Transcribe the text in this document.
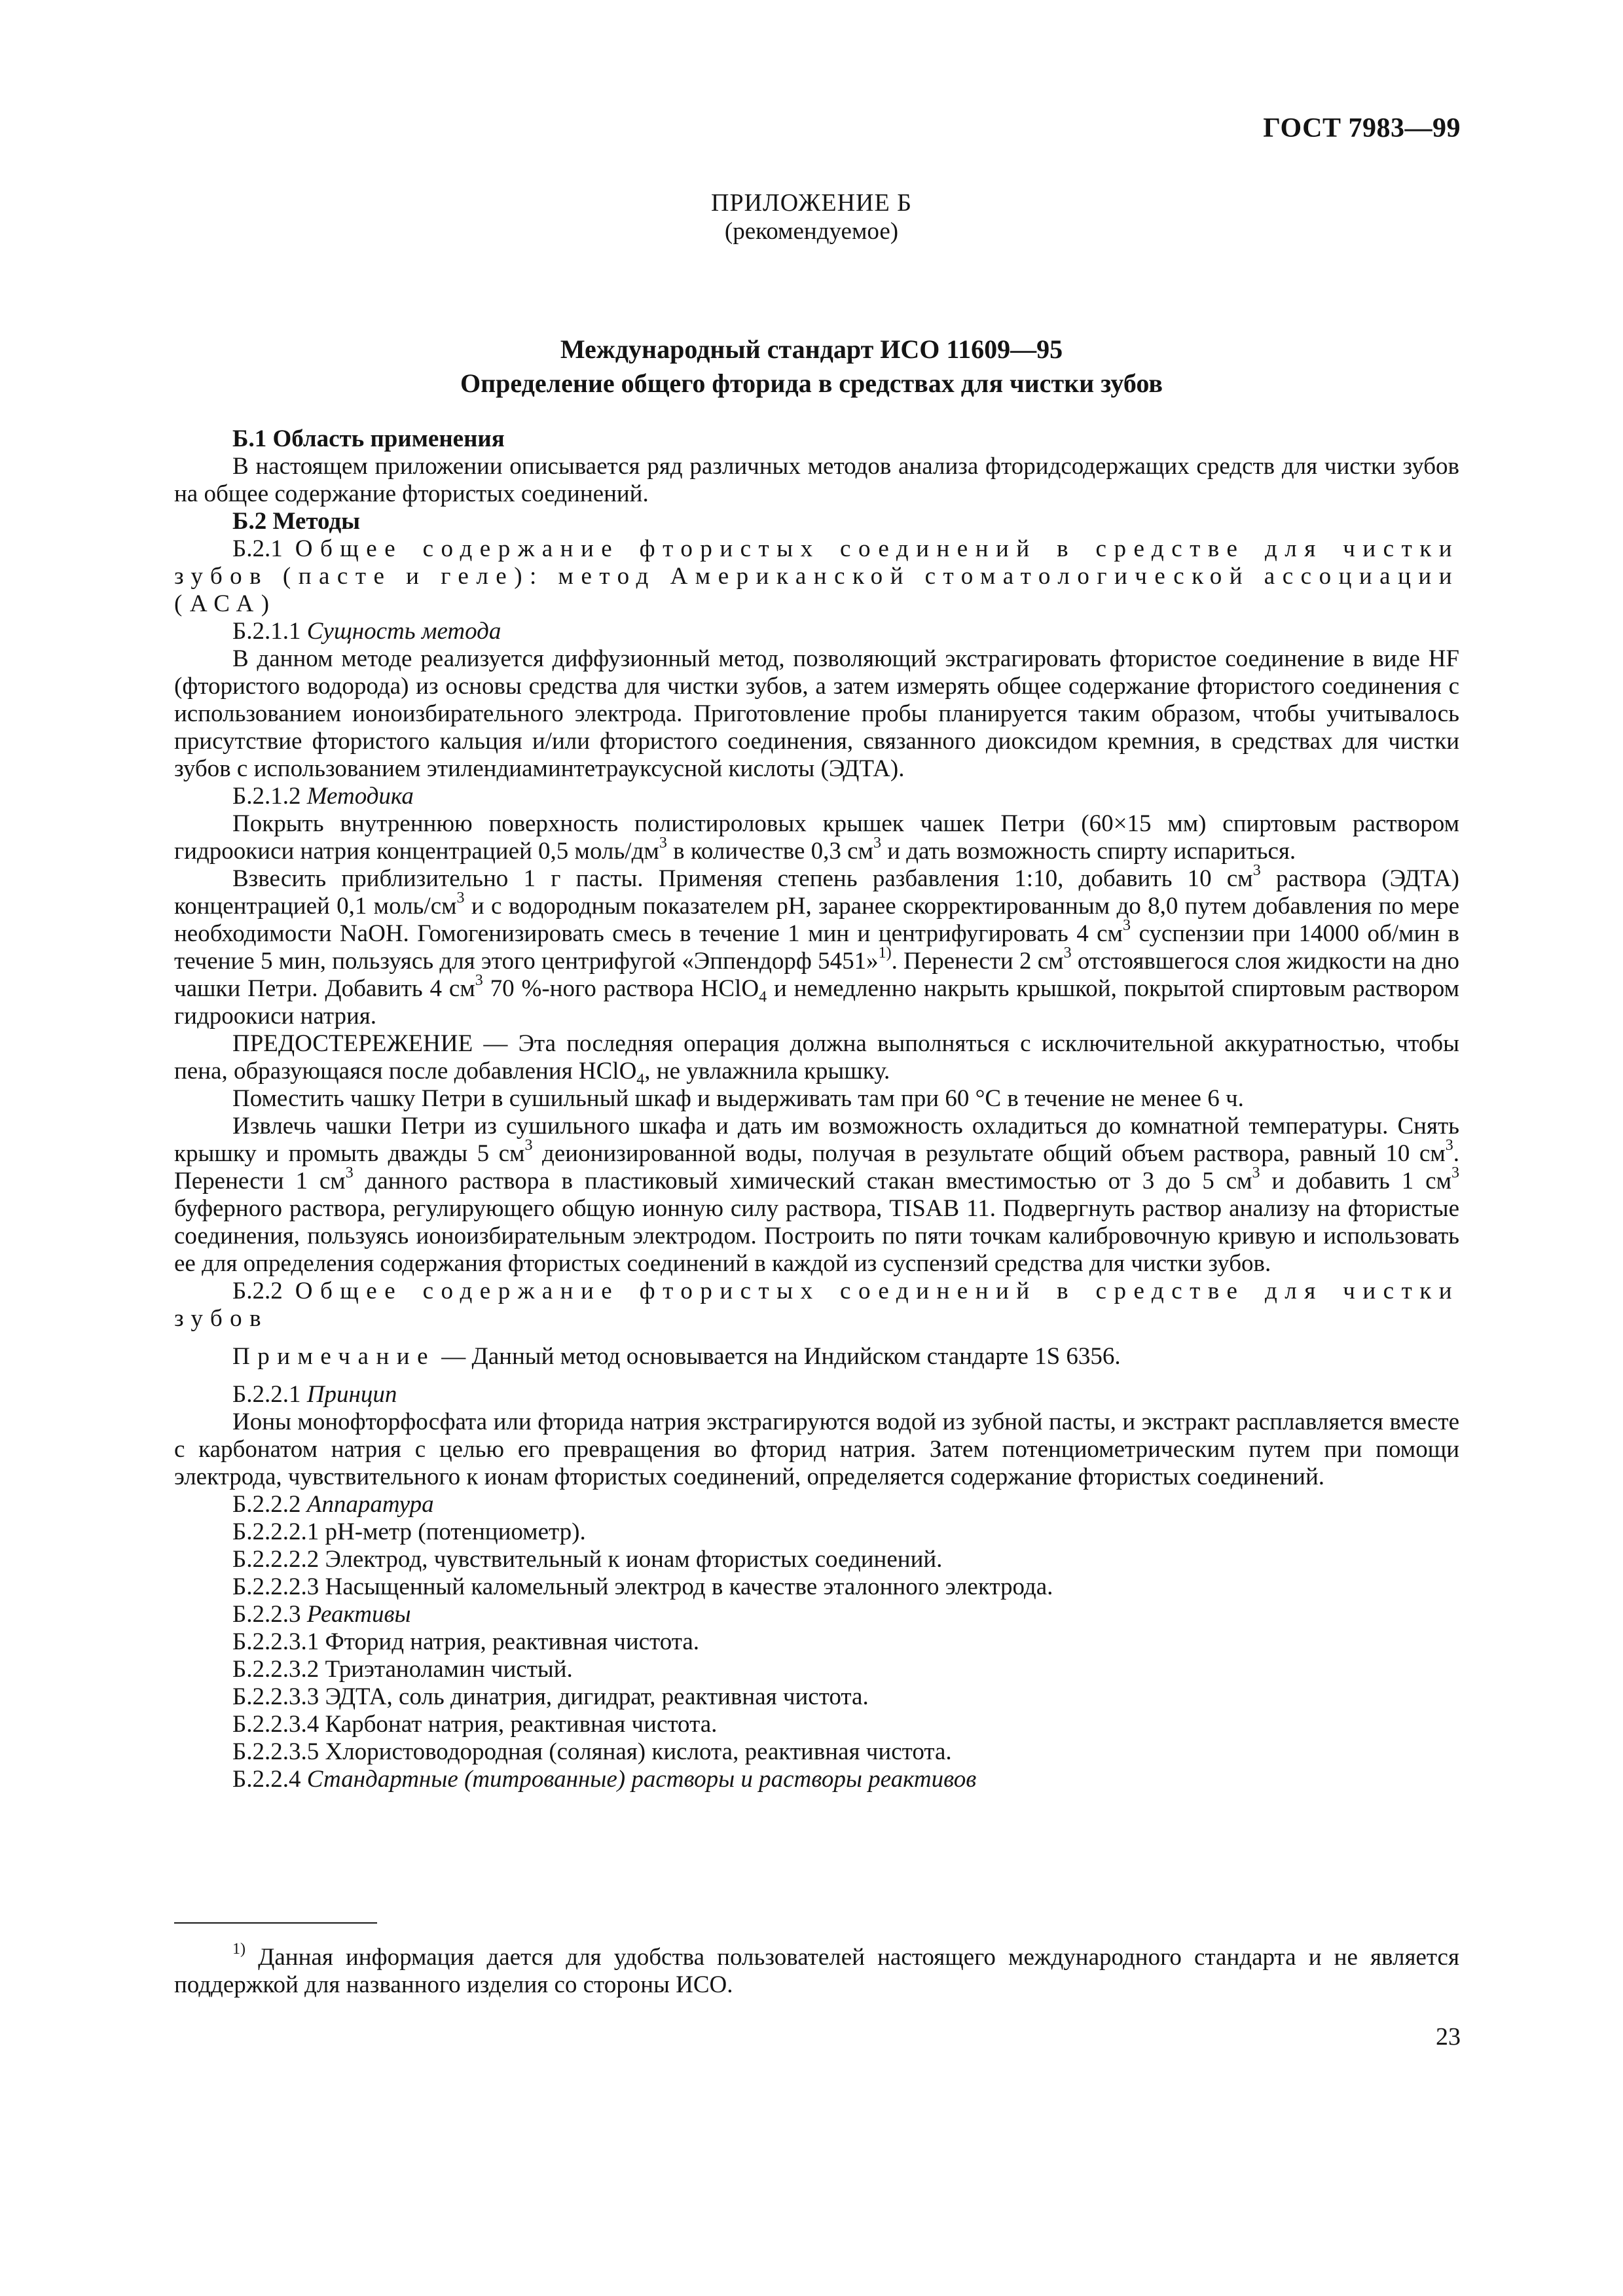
ГОСТ 7983—99
ПРИЛОЖЕНИЕ Б
(рекомендуемое)
Международный стандарт ИСО 11609—95
Определение общего фторида в средствах для чистки зубов

Б.1 Область применения

В настоящем приложении описывается ряд различных методов анализа фторидсодержащих средств для чистки зубов на общее содержание фтористых соединений.

Б.2 Методы

Б.2.1 Общее содержание фтористых соединений в средстве для чистки зубов (пасте и геле): метод Американской стоматологической ассоциации (АСА)

Б.2.1.1 Сущность метода

В данном методе реализуется диффузионный метод, позволяющий экстрагировать фтористое соединение в виде HF (фтористого водорода) из основы средства для чистки зубов, а затем измерять общее содержание фтористого соединения с использованием ионоизбирательного электрода. Приготовление пробы планируется таким образом, чтобы учитывалось присутствие фтористого кальция и/или фтористого соединения, связанного диоксидом кремния, в средствах для чистки зубов с использованием этилендиаминтетрауксусной кислоты (ЭДТА).

Б.2.1.2 Методика

Покрыть внутреннюю поверхность полистироловых крышек чашек Петри (60×15 мм) спиртовым раствором гидроокиси натрия концентрацией 0,5 моль/$дм^3$ в количестве 0,3 $см^3$ и дать возможность спирту испариться.

Взвесить приблизительно 1 г пасты. Применяя степень разбавления 1:10, добавить 10 $см^3$ раствора (ЭДТА) концентрацией 0,1 моль/$см^3$ и с водородным показателем pH, заранее скорректированным до 8,0 путем добавления по мере необходимости NaOH. Гомогенизировать смесь в течение 1 мин и центрифугировать 4 $см^3$ суспензии при 14000 об/мин в течение 5 мин, пользуясь для этого центрифугой «Эппендорф 5451»$^{1)}$. Перенести 2 $см^3$ отстоявшегося слоя жидкости на дно чашки Петри. Добавить 4 $см^3$ 70 %-ного раствора HClO$_4$ и немедленно накрыть крышкой, покрытой спиртовым раствором гидроокиси натрия.

ПРЕДОСТЕРЕЖЕНИЕ — Эта последняя операция должна выполняться с исключительной аккуратностью, чтобы пена, образующаяся после добавления HClO$_4$, не увлажнила крышку.

Поместить чашку Петри в сушильный шкаф и выдерживать там при 60 °С в течение не менее 6 ч.

Извлечь чашки Петри из сушильного шкафа и дать им возможность охладиться до комнатной температуры. Снять крышку и промыть дважды 5 $см^3$ деионизированной воды, получая в результате общий объем раствора, равный 10 $см^3$. Перенести 1 $см^3$ данного раствора в пластиковый химический стакан вместимостью от 3 до 5 $см^3$ и добавить 1 $см^3$ буферного раствора, регулирующего общую ионную силу раствора, TISAB 11. Подвергнуть раствор анализу на фтористые соединения, пользуясь ионоизбирательным электродом. Построить по пяти точкам калибровочную кривую и использовать ее для определения содержания фтористых соединений в каждой из суспензий средства для чистки зубов.

Б.2.2 Общее содержание фтористых соединений в средстве для чистки зубов

Примечание — Данный метод основывается на Индийском стандарте 1S 6356.

Б.2.2.1 Принцип

Ионы монофторфосфата или фторида натрия экстрагируются водой из зубной пасты, и экстракт расплавляется вместе с карбонатом натрия с целью его превращения во фторид натрия. Затем потенциометрическим путем при помощи электрода, чувствительного к ионам фтористых соединений, определяется содержание фтористых соединений.

Б.2.2.2 Аппаратура

Б.2.2.2.1 pH-метр (потенциометр).

Б.2.2.2.2 Электрод, чувствительный к ионам фтористых соединений.

Б.2.2.2.3 Насыщенный каломельный электрод в качестве эталонного электрода.

Б.2.2.3 Реактивы

Б.2.2.3.1 Фторид натрия, реактивная чистота.

Б.2.2.3.2 Триэтаноламин чистый.

Б.2.2.3.3 ЭДТА, соль динатрия, дигидрат, реактивная чистота.

Б.2.2.3.4 Карбонат натрия, реактивная чистота.

Б.2.2.3.5 Хлористоводородная (соляная) кислота, реактивная чистота.

Б.2.2.4 Стандартные (титрованные) растворы и растворы реактивов

$^{1)}$ Данная информация дается для удобства пользователей настоящего международного стандарта и не является поддержкой для названного изделия со стороны ИСО.

23
